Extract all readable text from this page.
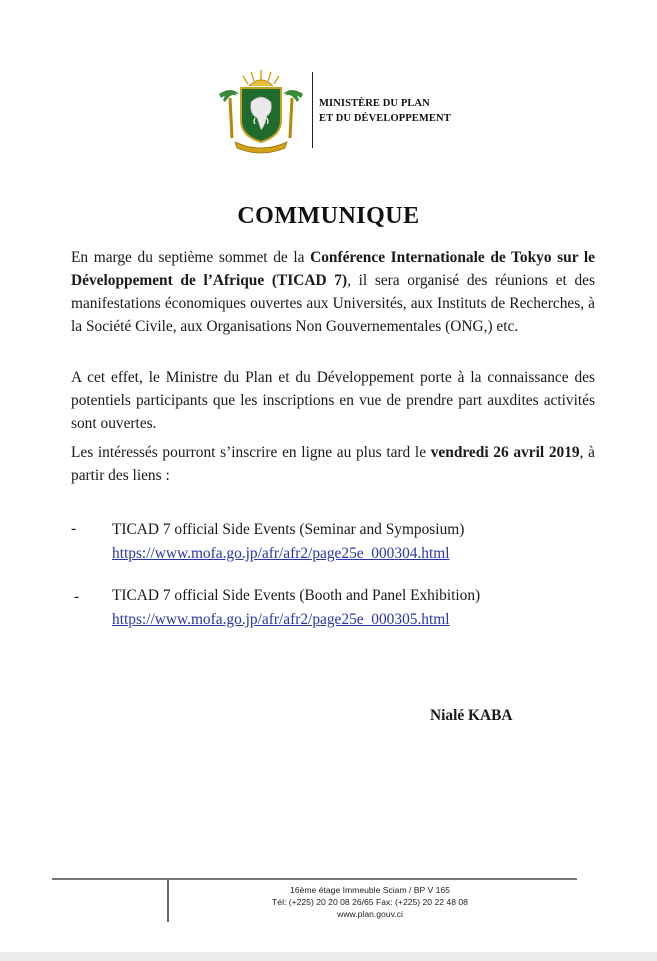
MINISTÈRE DU PLAN
ET DU DÉVELOPPEMENT
COMMUNIQUE
En marge du septième sommet de la Conférence Internationale de Tokyo sur le Développement de l’Afrique (TICAD 7), il sera organisé des réunions et des manifestations économiques ouvertes aux Universités, aux Instituts de Recherches, à la Société Civile, aux Organisations Non Gouvernementales (ONG,) etc.
A cet effet, le Ministre du Plan et du Développement porte à la connaissance des potentiels participants que les inscriptions en vue de prendre part auxdites activités sont ouvertes.
Les intéressés pourront s’inscrire en ligne au plus tard le vendredi 26 avril 2019, à partir des liens :
- TICAD 7 official Side Events (Seminar and Symposium)
https://www.mofa.go.jp/afr/afr2/page25e_000304.html
- TICAD 7 official Side Events (Booth and Panel Exhibition)
https://www.mofa.go.jp/afr/afr2/page25e_000305.html
Nialé KABA
16ème étage Immeuble Sciam / BP V 165
Tél: (+225) 20 20 08 26/65 Fax: (+225) 20 22 48 08
www.plan.gouv.ci
